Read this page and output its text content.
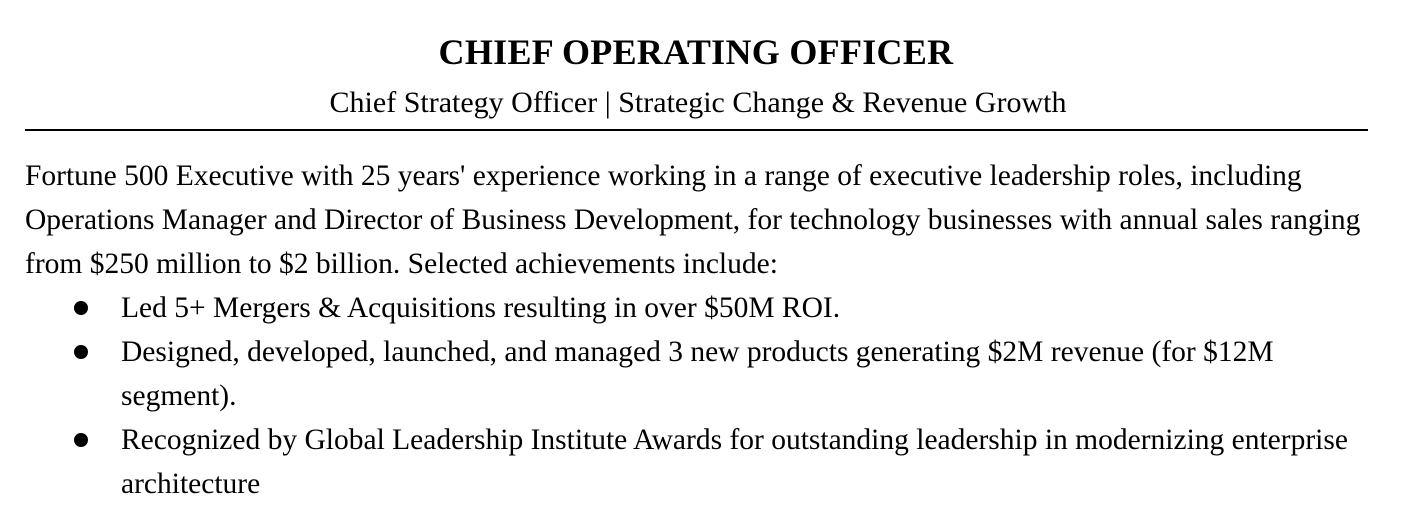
CHIEF OPERATING OFFICER
Chief Strategy Officer | Strategic Change & Revenue Growth

Fortune 500 Executive with 25 years' experience working in a range of executive leadership roles, including Operations Manager and Director of Business Development, for technology businesses with annual sales ranging from $250 million to $2 billion. Selected achievements include:

Led 5+ Mergers & Acquisitions resulting in over $50M ROI.
Designed, developed, launched, and managed 3 new products generating $2M revenue (for $12M segment).
Recognized by Global Leadership Institute Awards for outstanding leadership in modernizing enterprise architecture
